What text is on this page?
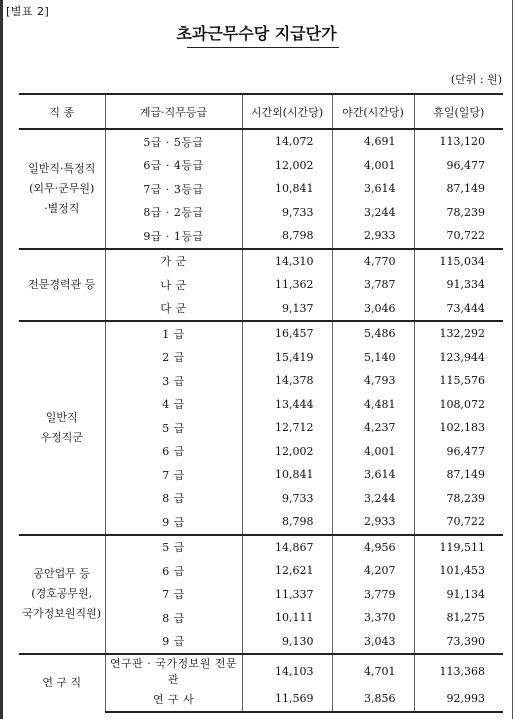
[별표 2]
초과근무수당 지급단가
(단위 : 원)
직 종	계급·직무등급	시간외(시간당)	야간(시간당)	휴일(일당)

일반직·특정직
(외무·군무원)
·별정직	5급 · 5등급	14,072	4,691	113,120
	6급 · 4등급	12,002	4,001	96,477
	7급 · 3등급	10,841	3,614	87,149
	8급 · 2등급	9,733	3,244	78,239
	9급 · 1등급	8,798	2,933	70,722

전문경력관 등	가 군	14,310	4,770	115,034
	나 군	11,362	3,787	91,334
	다 군	9,137	3,046	73,444

일반직
우정직군	1 급	16,457	5,486	132,292
	2 급	15,419	5,140	123,944
	3 급	14,378	4,793	115,576
	4 급	13,444	4,481	108,072
	5 급	12,712	4,237	102,183
	6 급	12,002	4,001	96,477
	7 급	10,841	3,614	87,149
	8 급	9,733	3,244	78,239
	9 급	8,798	2,933	70,722

공안업무 등
(경호공무원,
국가정보원직원)	5 급	14,867	4,956	119,511
	6 급	12,621	4,207	101,453
	7 급	11,337	3,779	91,134
	8 급	10,111	3,370	81,275
	9 급	9,130	3,043	73,390

연 구 직	연구관 · 국가정보원 전문관	14,103	4,701	113,368
	연 구 사	11,569	3,856	92,993
